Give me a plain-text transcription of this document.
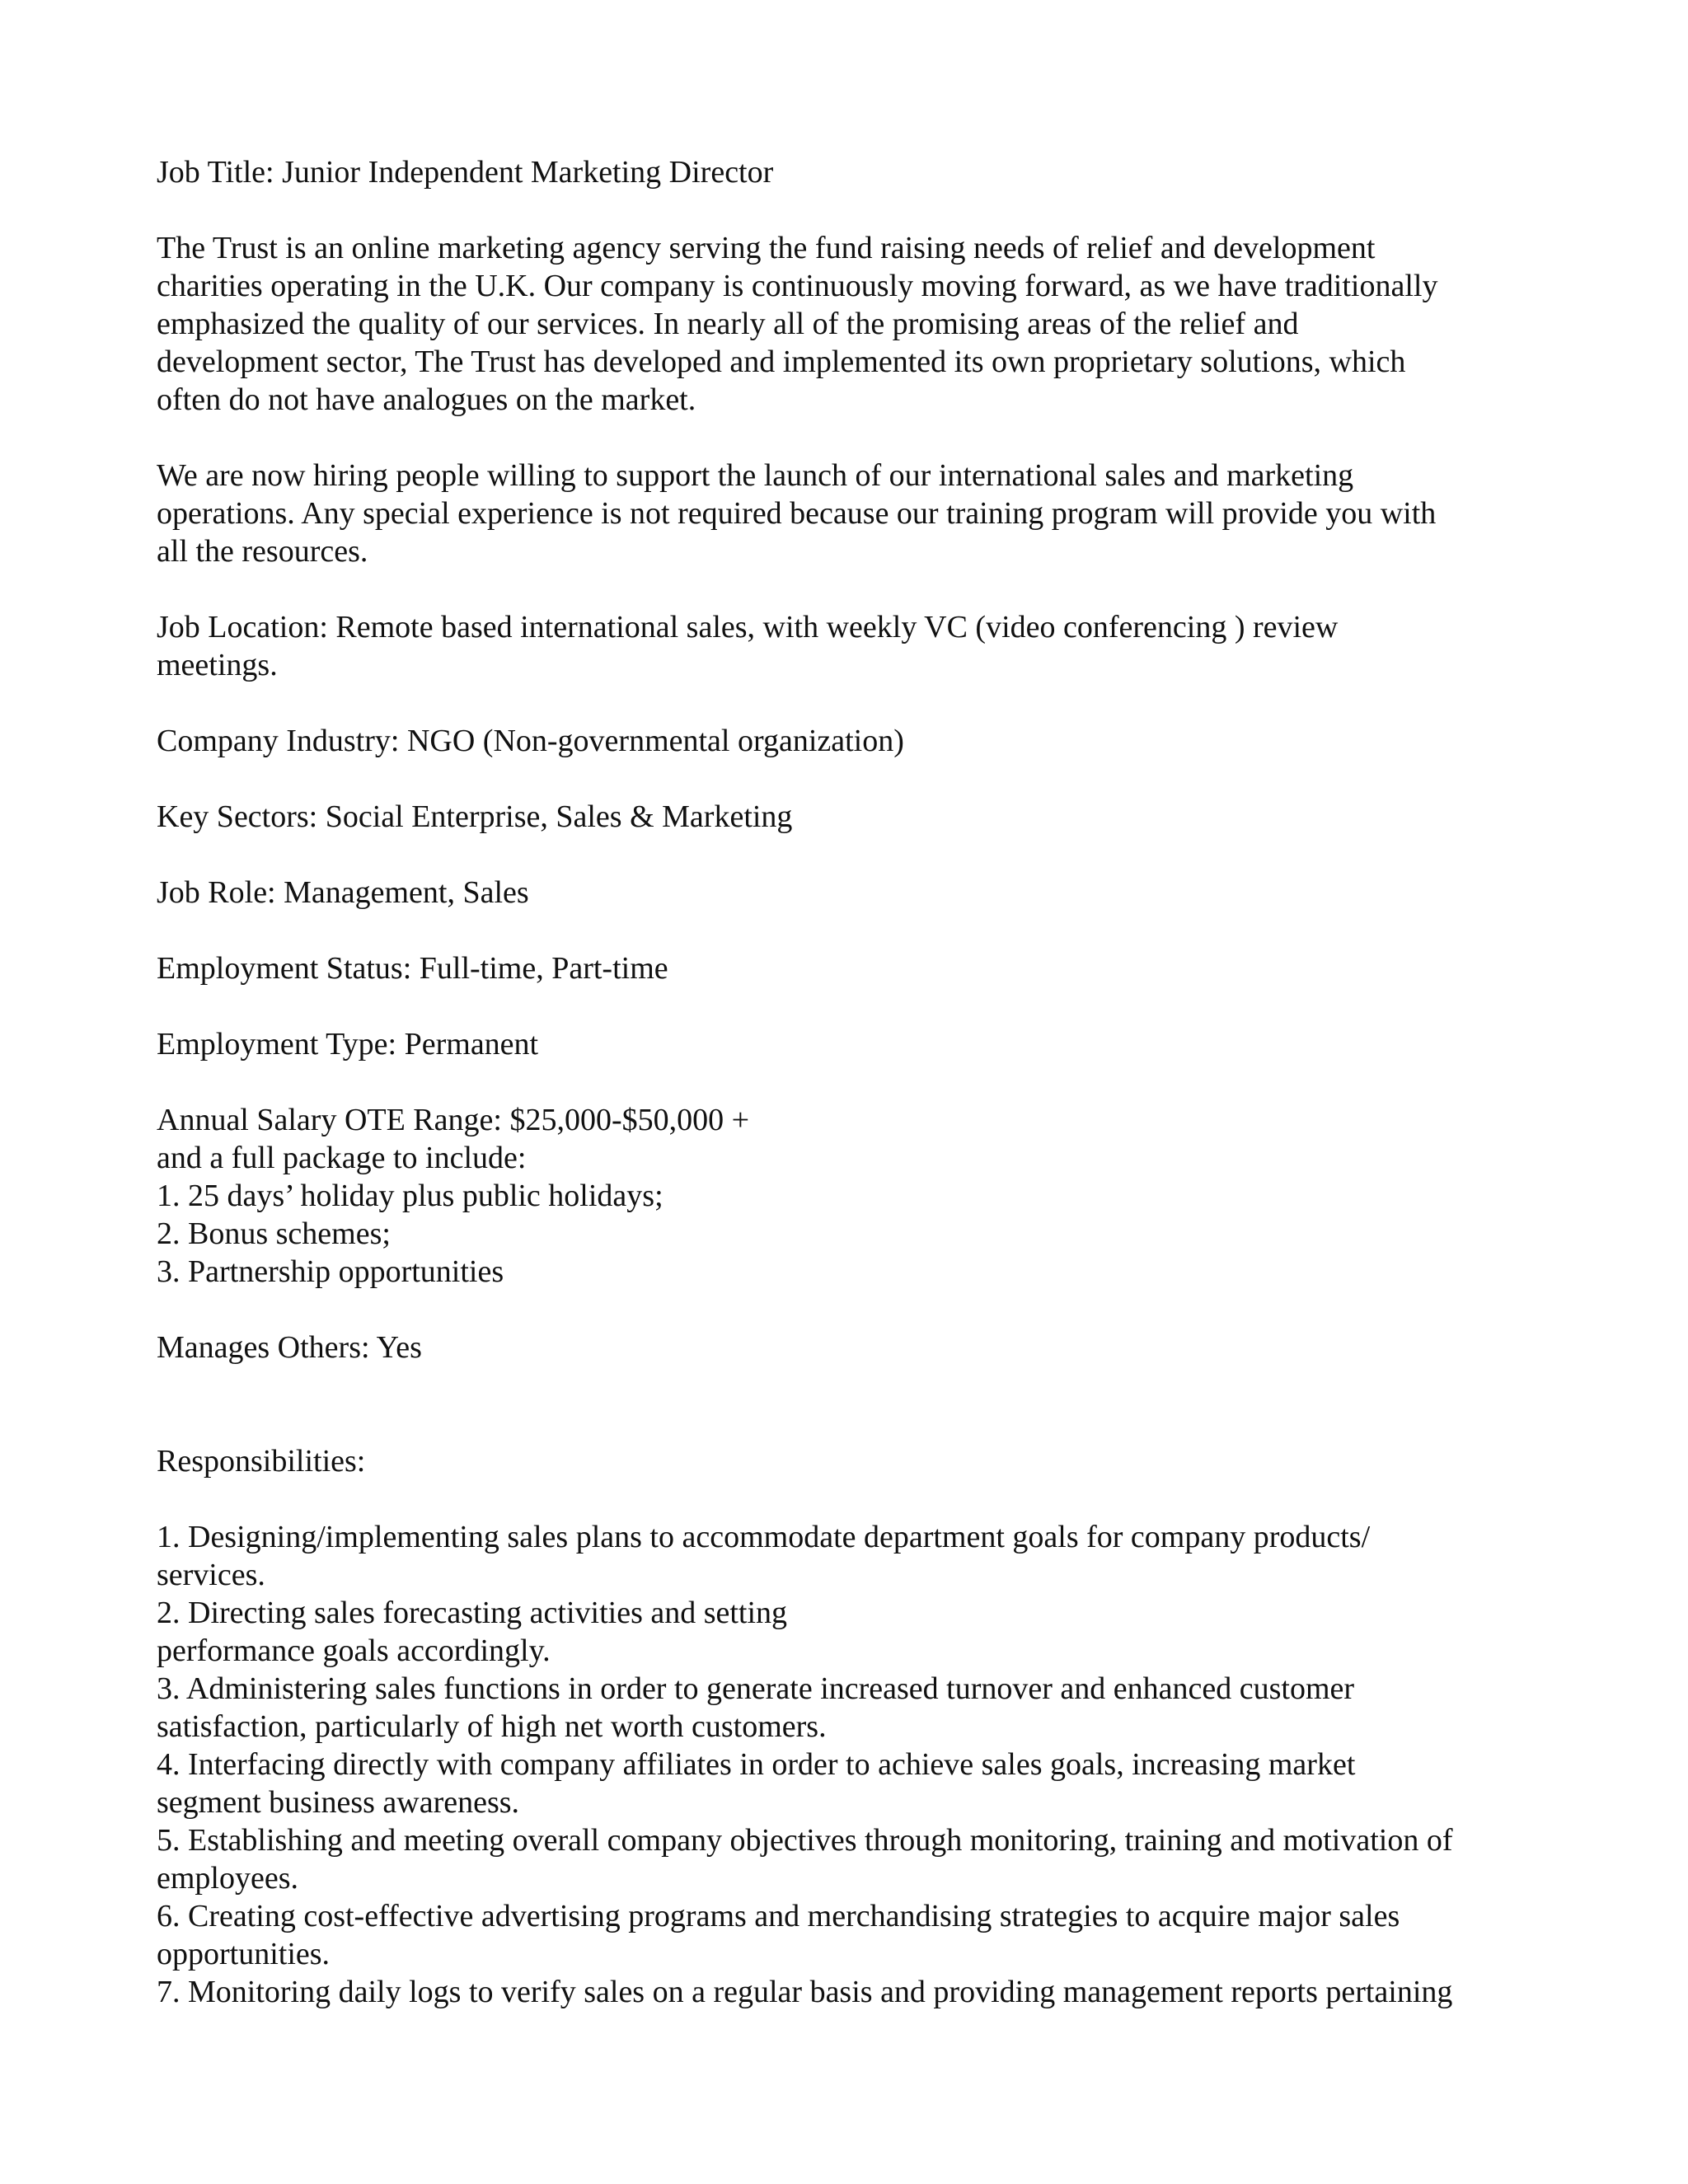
Job Title: Junior Independent Marketing Director
The Trust is an online marketing agency serving the fund raising needs of relief and development
charities operating in the U.K. Our company is continuously moving forward, as we have traditionally
emphasized the quality of our services. In nearly all of the promising areas of the relief and
development sector, The Trust has developed and implemented its own proprietary solutions, which
often do not have analogues on the market.
We are now hiring people willing to support the launch of our international sales and marketing
operations. Any special experience is not required because our training program will provide you with
all the resources.
Job Location: Remote based international sales, with weekly VC (video conferencing ) review
meetings.
Company Industry: NGO (Non-governmental organization)
Key Sectors: Social Enterprise, Sales & Marketing
Job Role: Management, Sales
Employment Status: Full-time, Part-time
Employment Type: Permanent
Annual Salary OTE Range: $25,000-$50,000 +
and a full package to include:
1. 25 days’ holiday plus public holidays;
2. Bonus schemes;
3. Partnership opportunities
Manages Others: Yes
Responsibilities:
1. Designing/implementing sales plans to accommodate department goals for company products/
services.
2. Directing sales forecasting activities and setting
performance goals accordingly.
3. Administering sales functions in order to generate increased turnover and enhanced customer
satisfaction, particularly of high net worth customers.
4. Interfacing directly with company affiliates in order to achieve sales goals, increasing market
segment business awareness.
5. Establishing and meeting overall company objectives through monitoring, training and motivation of
employees.
6. Creating cost-effective advertising programs and merchandising strategies to acquire major sales
opportunities.
7. Monitoring daily logs to verify sales on a regular basis and providing management reports pertaining
